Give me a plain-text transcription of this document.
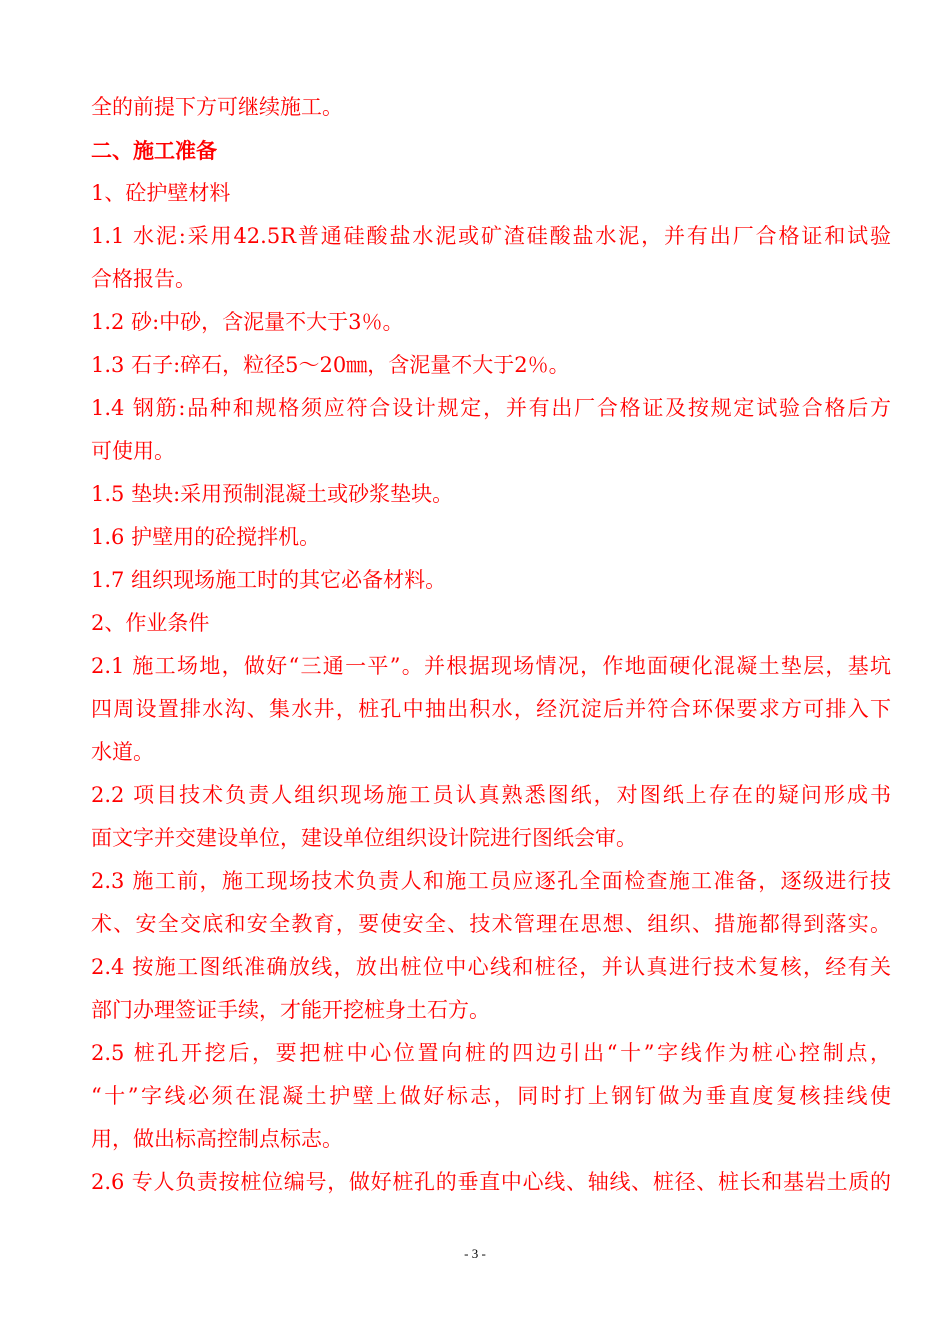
全的前提下方可继续施工。
二、施工准备
1、砼护壁材料
1.1 水泥:采用42.5R普通硅酸盐水泥或矿渣硅酸盐水泥，并有出厂合格证和试验
合格报告。
1.2 砂:中砂，含泥量不大于3％。
1.3 石子:碎石，粒径5～20㎜，含泥量不大于2％。
1.4 钢筋:品种和规格须应符合设计规定，并有出厂合格证及按规定试验合格后方
可使用。
1.5 垫块:采用预制混凝土或砂浆垫块。
1.6 护壁用的砼搅拌机。
1.7 组织现场施工时的其它必备材料。
2、作业条件
2.1 施工场地，做好“三通一平”。并根据现场情况，作地面硬化混凝土垫层，基坑
四周设置排水沟、集水井，桩孔中抽出积水，经沉淀后并符合环保要求方可排入下
水道。
2.2 项目技术负责人组织现场施工员认真熟悉图纸，对图纸上存在的疑问形成书
面文字并交建设单位，建设单位组织设计院进行图纸会审。
2.3 施工前，施工现场技术负责人和施工员应逐孔全面检查施工准备，逐级进行技
术、安全交底和安全教育，要使安全、技术管理在思想、组织、措施都得到落实。
2.4 按施工图纸准确放线，放出桩位中心线和桩径，并认真进行技术复核，经有关
部门办理签证手续，才能开挖桩身土石方。
2.5 桩孔开挖后，要把桩中心位置向桩的四边引出“十”字线作为桩心控制点，
“十”字线必须在混凝土护壁上做好标志，同时打上钢钉做为垂直度复核挂线使
用，做出标高控制点标志。
2.6 专人负责按桩位编号，做好桩孔的垂直中心线、轴线、桩径、桩长和基岩土质的
- 3 -
